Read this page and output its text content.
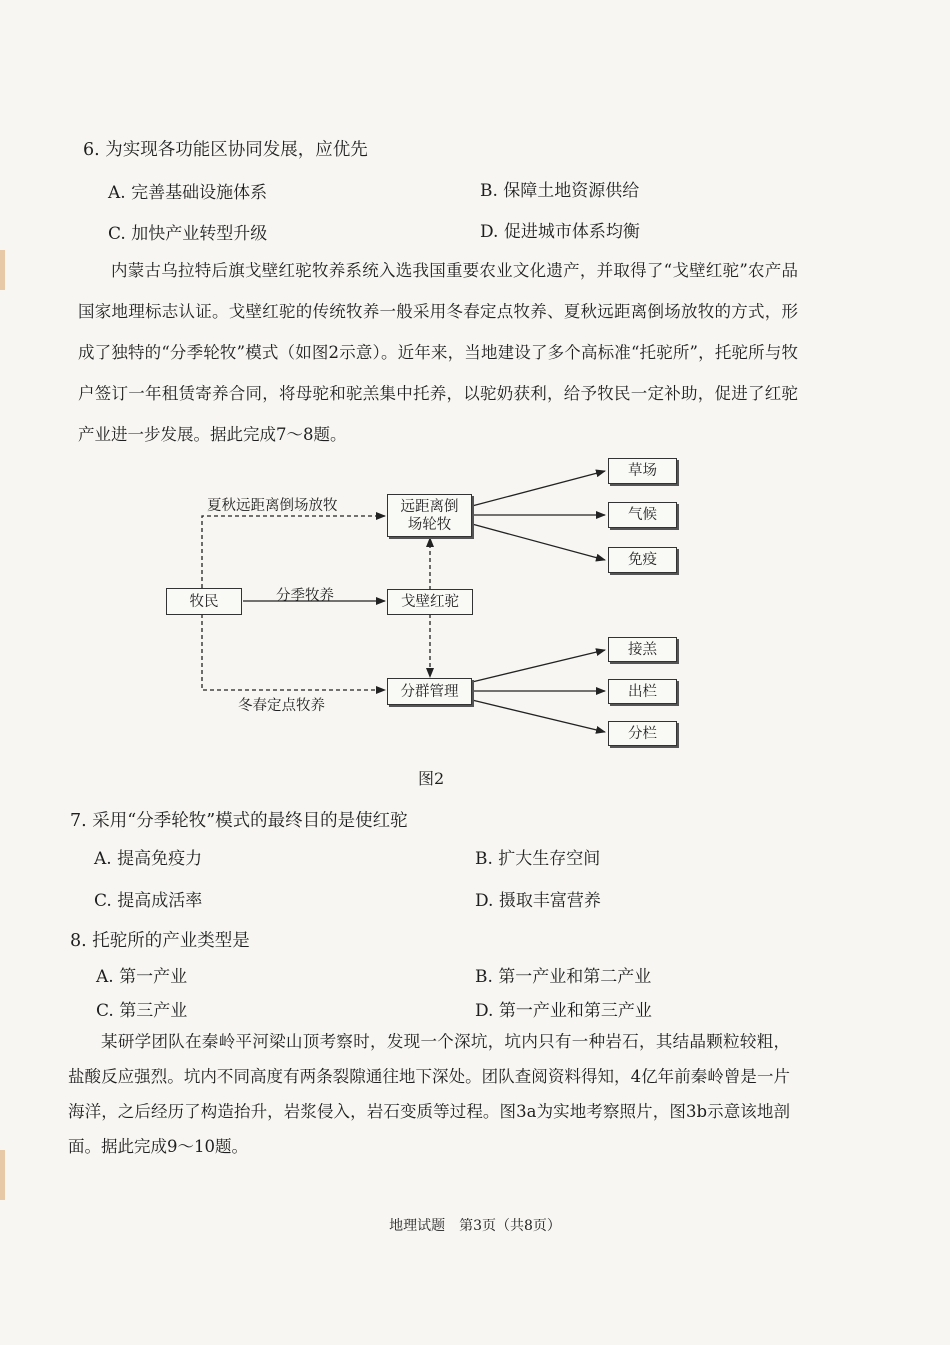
6. 为实现各功能区协同发展，应优先
A. 完善基础设施体系	B. 保障土地资源供给
C. 加快产业转型升级	D. 促进城市体系均衡
内蒙古乌拉特后旗戈壁红驼牧养系统入选我国重要农业文化遗产，并取得了“戈壁红驼”农产品国家地理标志认证。戈壁红驼的传统牧养一般采用冬春定点牧养、夏秋远距离倒场放牧的方式，形成了独特的“分季轮牧”模式（如图2示意）。近年来，当地建设了多个高标准“托驼所”，托驼所与牧户签订一年租赁寄养合同，将母驼和驼羔集中托养，以驼奶获利，给予牧民一定补助，促进了红驼产业进一步发展。据此完成7～8题。
牧民	戈壁红驼
远距离倒场轮牧
分群管理
草场
气候
免疫
接羔
出栏
分栏
夏秋远距离倒场放牧
分季牧养
冬春定点牧养
图2
7. 采用“分季轮牧”模式的最终目的是使红驼
A. 提高免疫力	B. 扩大生存空间
C. 提高成活率	D. 摄取丰富营养
8. 托驼所的产业类型是
A. 第一产业	B. 第一产业和第二产业
C. 第三产业	D. 第一产业和第三产业
某研学团队在秦岭平河梁山顶考察时，发现一个深坑，坑内只有一种岩石，其结晶颗粒较粗，盐酸反应强烈。坑内不同高度有两条裂隙通往地下深处。团队查阅资料得知，4亿年前秦岭曾是一片海洋，之后经历了构造抬升，岩浆侵入，岩石变质等过程。图3a为实地考察照片，图3b示意该地剖面。据此完成9～10题。
地理试题　第3页（共8页）
